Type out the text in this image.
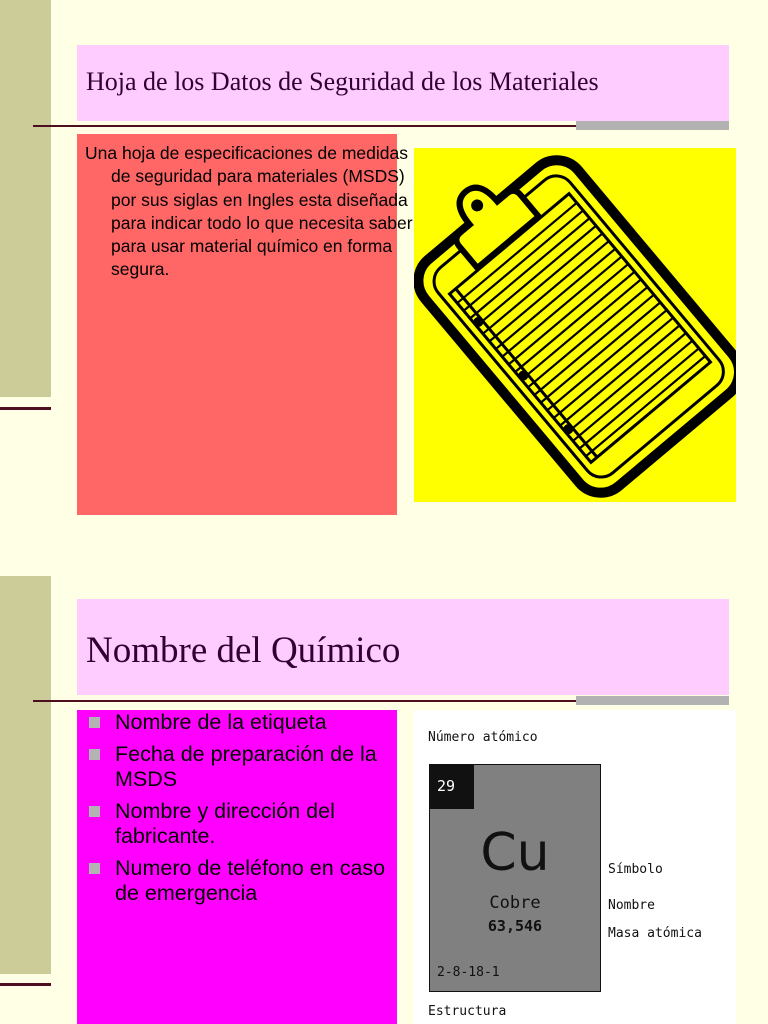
Hoja de los Datos de Seguridad de los Materiales
Una hoja de especificaciones de medidas de seguridad para materiales (MSDS) por sus siglas en Ingles esta diseñada para indicar todo lo que necesita saber para usar material químico en forma segura.
Nombre del Químico
Nombre de la etiqueta
Fecha de preparación de la MSDS
Nombre y dirección del fabricante.
Numero de teléfono en caso de emergencia
Número atómico
29
Cu
Cobre
63,546
2-8-18-1
Símbolo
Nombre
Masa atómica
Estructura
